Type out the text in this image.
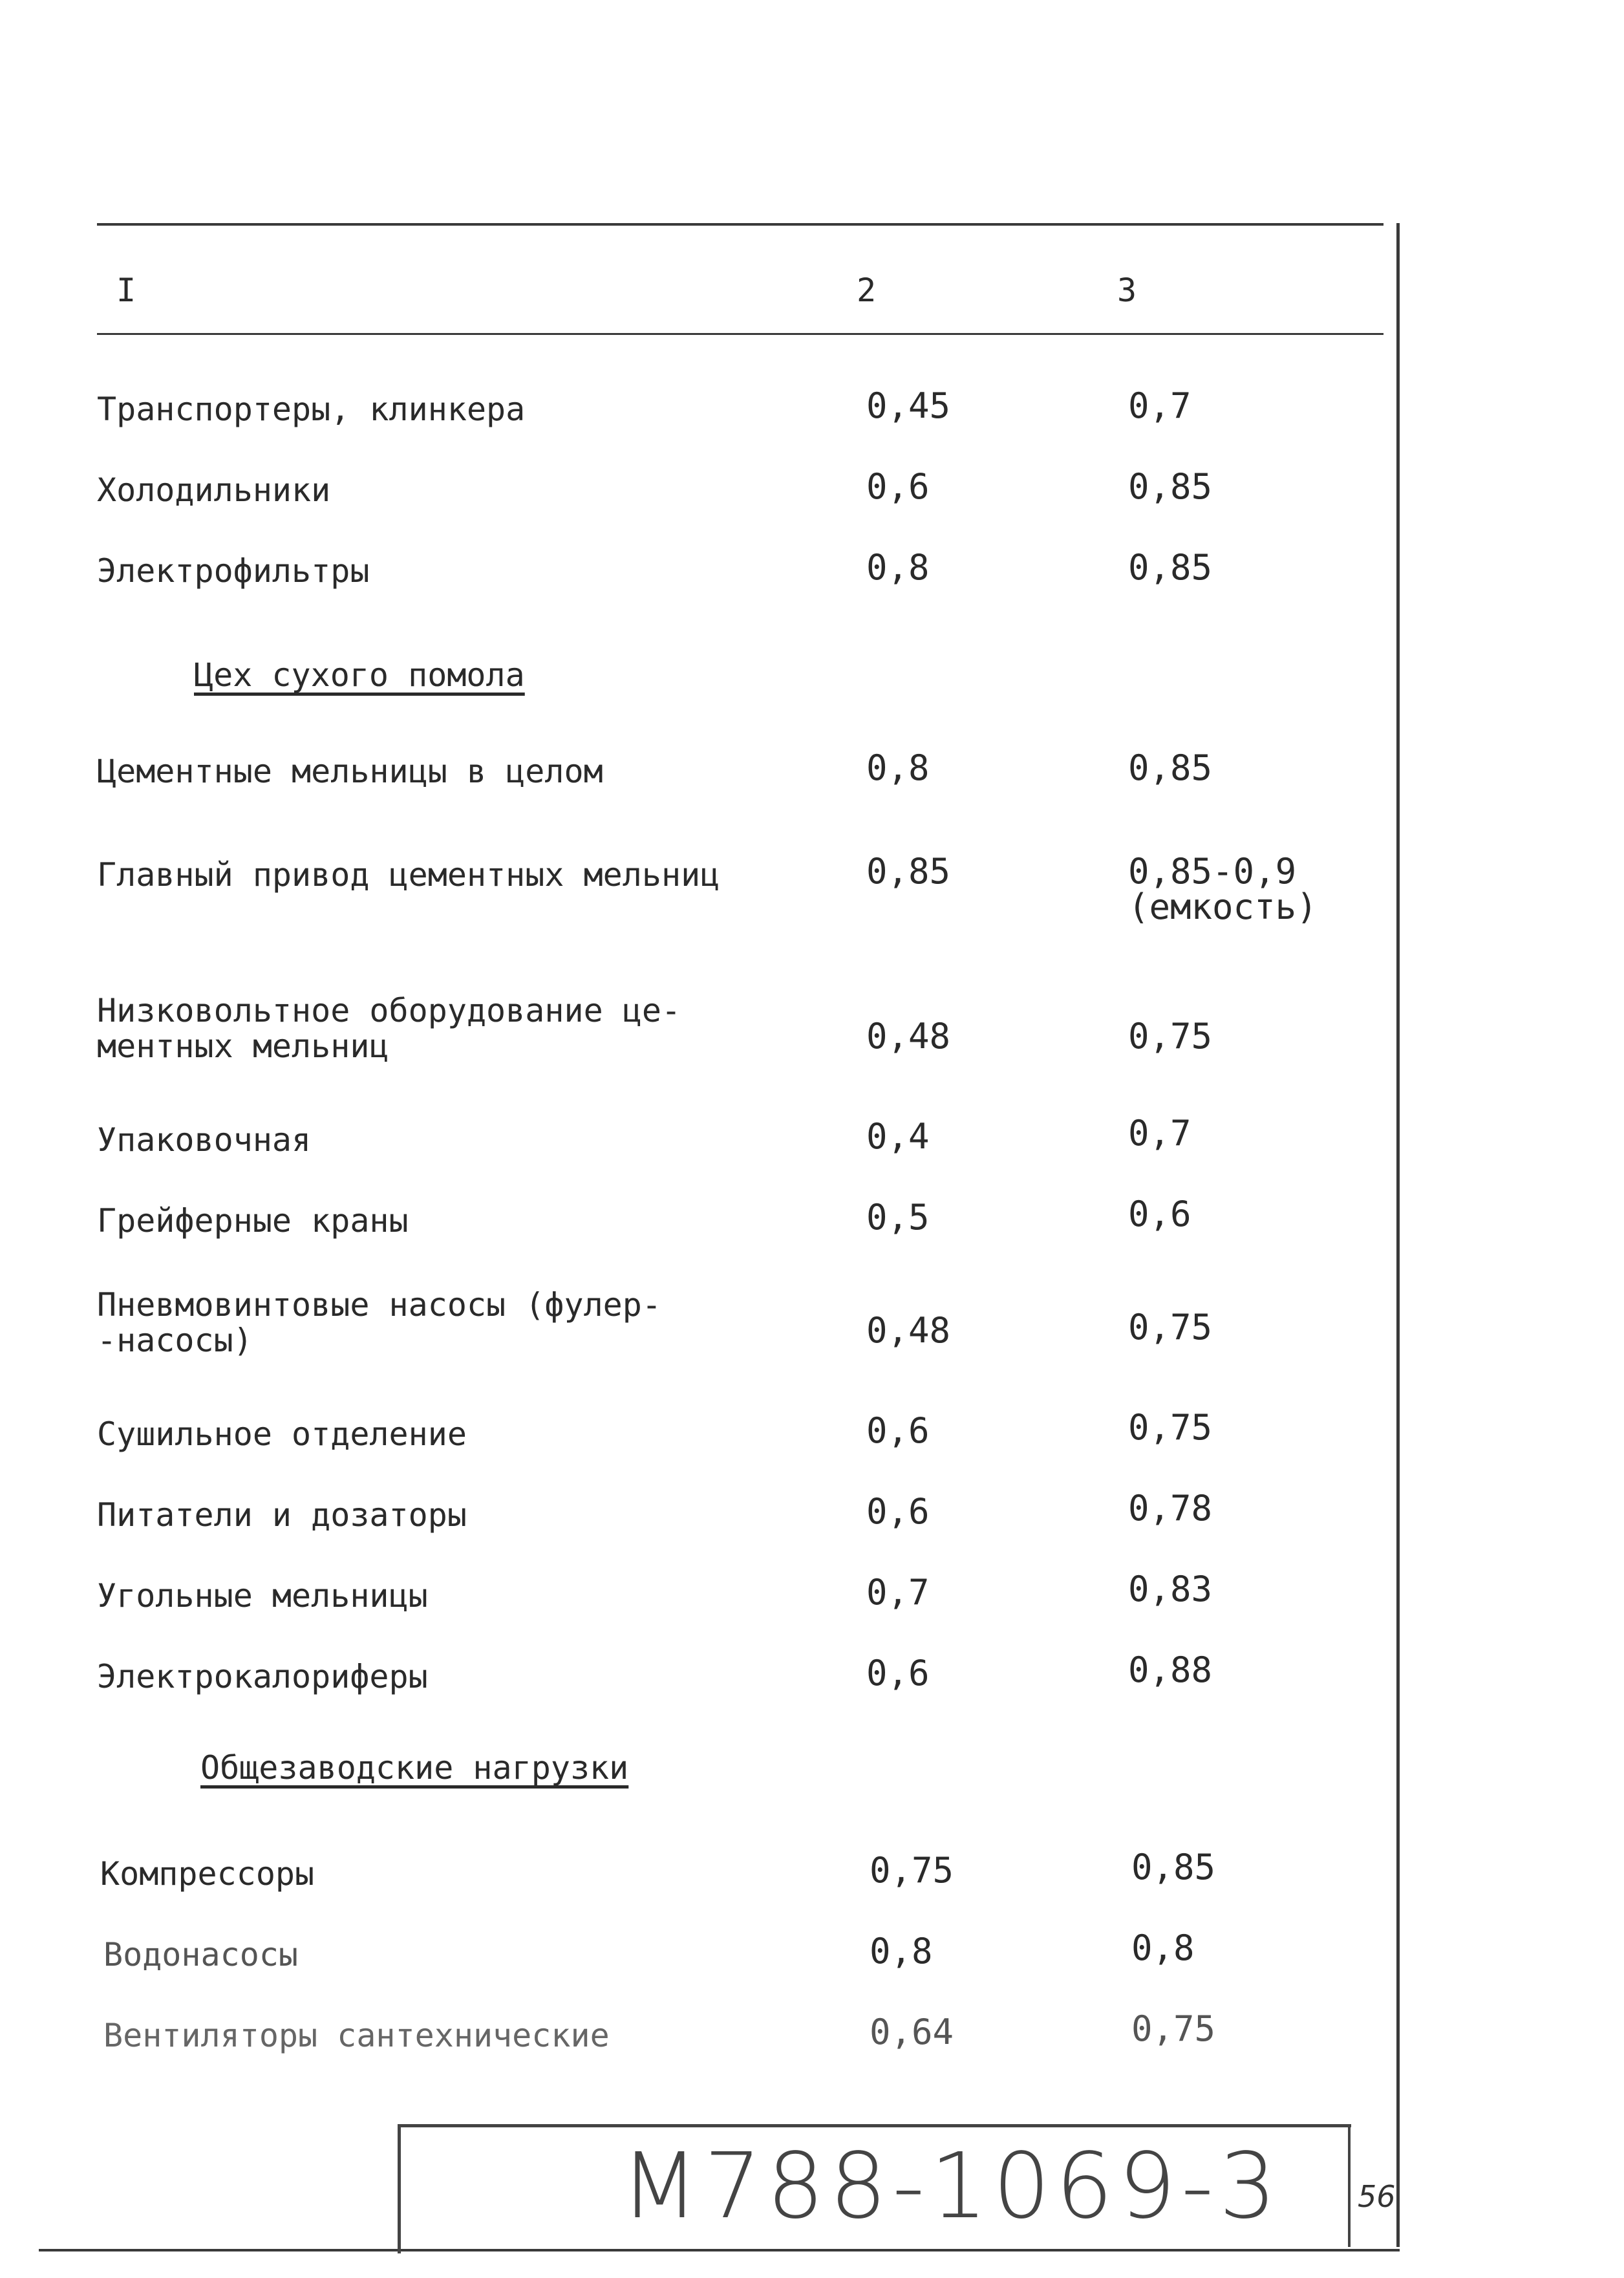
I	2	3
Транспортеры, клинкера	0,45	0,7
Холодильники	0,6	0,85
Электрофильтры	0,8	0,85
Цех сухого помола
Цементные мельницы в целом	0,8	0,85
Главный привод цементных мельниц	0,85	0,85-0,9
(емкость)
Низковольтное оборудование це-
ментных мельниц	0,48	0,75
Упаковочная	0,4	0,7
Грейферные краны	0,5	0,6
Пневмовинтовые насосы (фулер-
-насосы)	0,48	0,75
Сушильное отделение	0,6	0,75
Питатели и дозаторы	0,6	0,78
Угольные мельницы	0,7	0,83
Электрокалориферы	0,6	0,88
Общезаводские нагрузки
Компрессоры	0,75	0,85
Водонасосы	0,8	0,8
Вентиляторы сантехнические	0,64	0,75
М788-1069-3	56
